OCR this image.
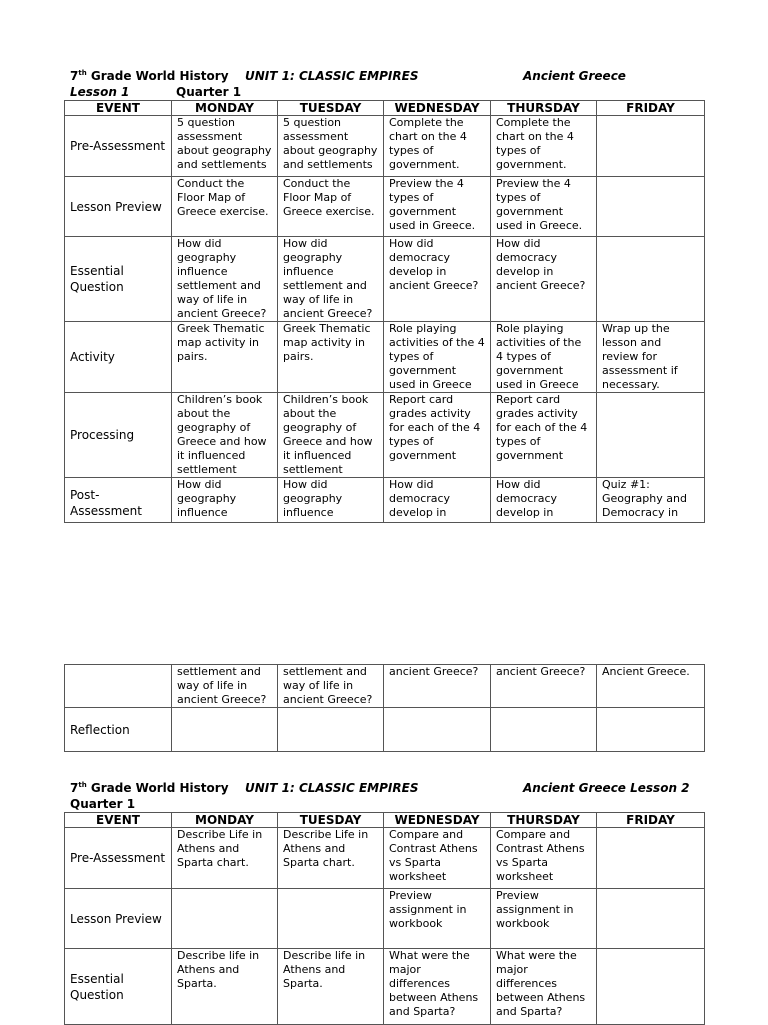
7th Grade World History UNIT 1: CLASSIC EMPIRES	Ancient Greece
Lesson 1	Quarter 1
EVENT	MONDAY	TUESDAY	WEDNESDAY	THURSDAY	FRIDAY
Pre-Assessment	5 question assessment about geography and settlements	5 question assessment about geography and settlements	Complete the chart on the 4 types of government.	Complete the chart on the 4 types of government.	
Lesson Preview	Conduct the Floor Map of Greece exercise.	Conduct the Floor Map of Greece exercise.	Preview the 4 types of government used in Greece.	Preview the 4 types of government used in Greece.	
Essential Question	How did geography influence settlement and way of life in ancient Greece?	How did geography influence settlement and way of life in ancient Greece?	How did democracy develop in ancient Greece?	How did democracy develop in ancient Greece?	
Activity	Greek Thematic map activity in pairs.	Greek Thematic map activity in pairs.	Role playing activities of the 4 types of government used in Greece	Role playing activities of the 4 types of government used in Greece	Wrap up the lesson and review for assessment if necessary.
Processing	Children’s book about the geography of Greece and how it influenced settlement	Children’s book about the geography of Greece and how it influenced settlement	Report card grades activity for each of the 4 types of government	Report card grades activity for each of the 4 types of government	
Post-Assessment	How did geography influence	How did geography influence	How did democracy develop in	How did democracy develop in	Quiz #1: Geography and Democracy in
	settlement and way of life in ancient Greece?	settlement and way of life in ancient Greece?	ancient Greece?	ancient Greece?	Ancient Greece.
Reflection					
7th Grade World History UNIT 1: CLASSIC EMPIRES	Ancient Greece Lesson 2
Quarter 1
EVENT	MONDAY	TUESDAY	WEDNESDAY	THURSDAY	FRIDAY
Pre-Assessment	Describe Life in Athens and Sparta chart.	Describe Life in Athens and Sparta chart.	Compare and Contrast Athens vs Sparta worksheet	Compare and Contrast Athens vs Sparta worksheet	
Lesson Preview			Preview assignment in workbook	Preview assignment in workbook	
Essential Question	Describe life in Athens and Sparta.	Describe life in Athens and Sparta.	What were the major differences between Athens and Sparta?	What were the major differences between Athens and Sparta?	
